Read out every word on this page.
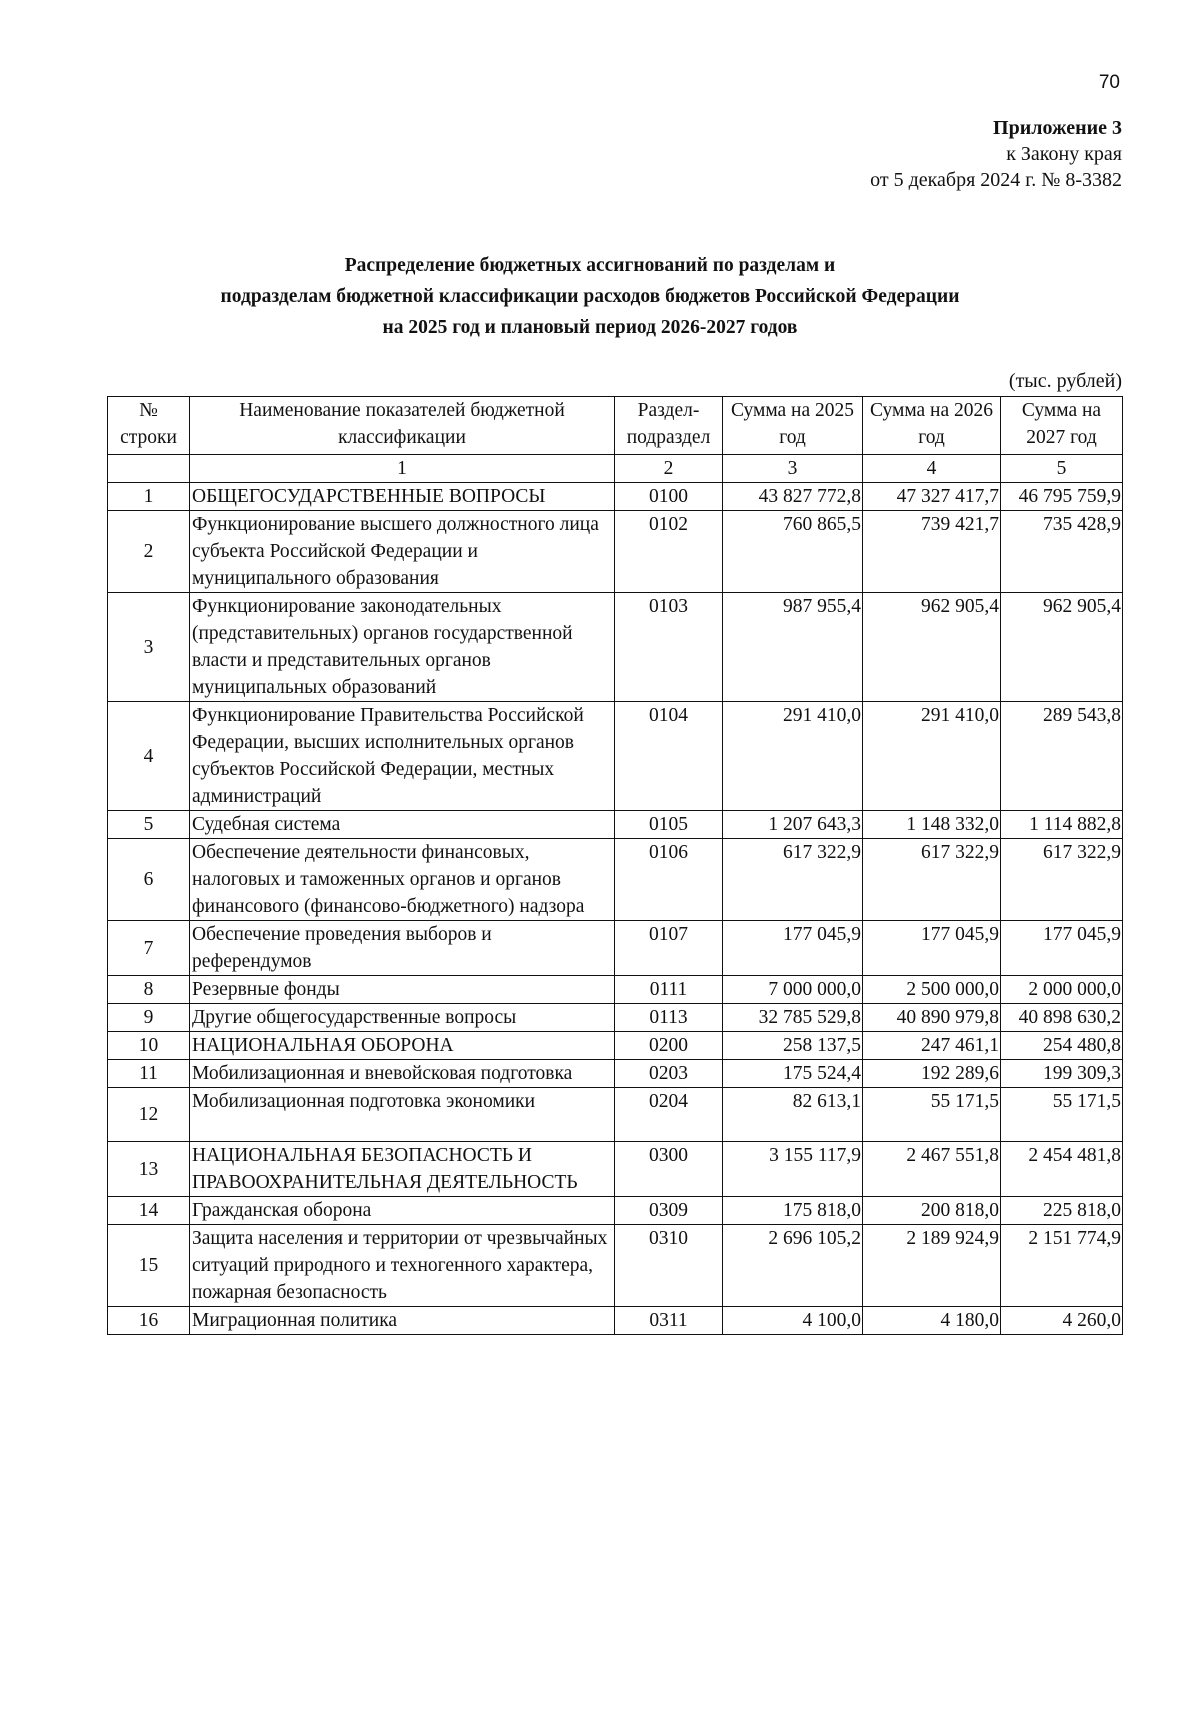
70
Приложение 3
к Закону края
от 5 декабря 2024 г. № 8-3382
Распределение бюджетных ассигнований по разделам и
подразделам бюджетной классификации расходов бюджетов Российской Федерации
на 2025 год и плановый период 2026-2027 годов
(тыс. рублей)
№ строки	Наименование показателей бюджетной классификации	Раздел-подраздел	Сумма на 2025 год	Сумма на 2026 год	Сумма на 2027 год
	1	2	3	4	5
1	ОБЩЕГОСУДАРСТВЕННЫЕ ВОПРОСЫ	0100	43 827 772,8	47 327 417,7	46 795 759,9
2	Функционирование высшего должностного лица субъекта Российской Федерации и муниципального образования	0102	760 865,5	739 421,7	735 428,9
3	Функционирование законодательных (представительных) органов государственной власти и представительных органов муниципальных образований	0103	987 955,4	962 905,4	962 905,4
4	Функционирование Правительства Российской Федерации, высших исполнительных органов субъектов Российской Федерации, местных администраций	0104	291 410,0	291 410,0	289 543,8
5	Судебная система	0105	1 207 643,3	1 148 332,0	1 114 882,8
6	Обеспечение деятельности финансовых, налоговых и таможенных органов и органов финансового (финансово-бюджетного) надзора	0106	617 322,9	617 322,9	617 322,9
7	Обеспечение проведения выборов и референдумов	0107	177 045,9	177 045,9	177 045,9
8	Резервные фонды	0111	7 000 000,0	2 500 000,0	2 000 000,0
9	Другие общегосударственные вопросы	0113	32 785 529,8	40 890 979,8	40 898 630,2
10	НАЦИОНАЛЬНАЯ ОБОРОНА	0200	258 137,5	247 461,1	254 480,8
11	Мобилизационная и вневойсковая подготовка	0203	175 524,4	192 289,6	199 309,3
12	Мобилизационная подготовка экономики	0204	82 613,1	55 171,5	55 171,5
13	НАЦИОНАЛЬНАЯ БЕЗОПАСНОСТЬ И ПРАВООХРАНИТЕЛЬНАЯ ДЕЯТЕЛЬНОСТЬ	0300	3 155 117,9	2 467 551,8	2 454 481,8
14	Гражданская оборона	0309	175 818,0	200 818,0	225 818,0
15	Защита населения и территории от чрезвычайных ситуаций природного и техногенного характера, пожарная безопасность	0310	2 696 105,2	2 189 924,9	2 151 774,9
16	Миграционная политика	0311	4 100,0	4 180,0	4 260,0
